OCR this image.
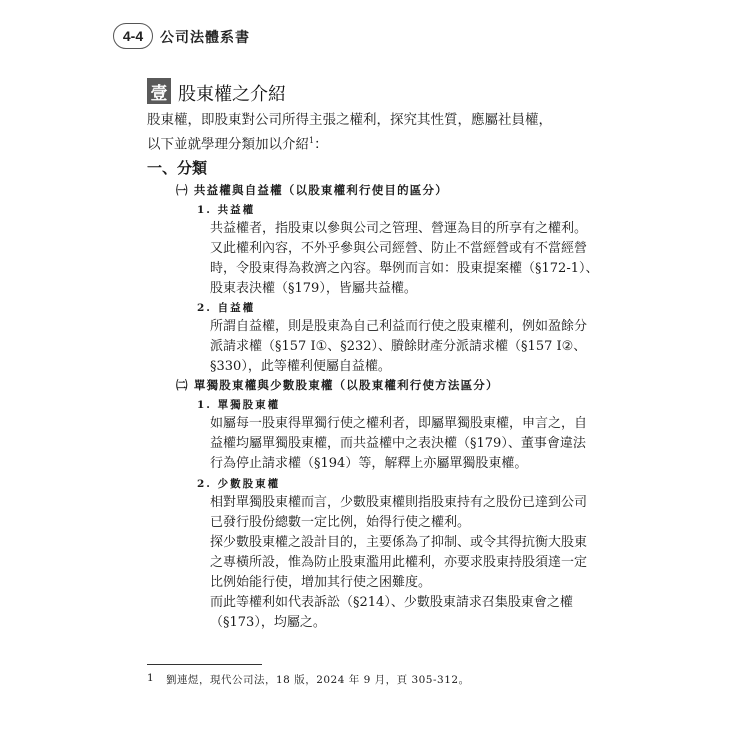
4-4 公司法體系書
壹 股東權之介紹
股東權，即股東對公司所得主張之權利，探究其性質，應屬社員權，
以下並就學理分類加以介紹$^1$：
一、分類
㈠ 共益權與自益權（以股東權利行使目的區分）
1. 共益權
共益權者，指股東以參與公司之管理、營運為目的所享有之權利。
又此權利內容，不外乎參與公司經營、防止不當經營或有不當經營
時，令股東得為救濟之內容。舉例而言如：股東提案權（§172-1）、
股東表決權（§179），皆屬共益權。
2. 自益權
所謂自益權，則是股東為自己利益而行使之股東權利，例如盈餘分
派請求權（§157 Ⅰ①、§232）、賸餘財產分派請求權（§157 Ⅰ②、
§330），此等權利便屬自益權。
㈡ 單獨股東權與少數股東權（以股東權利行使方法區分）
1. 單獨股東權
如屬每一股東得單獨行使之權利者，即屬單獨股東權，申言之，自
益權均屬單獨股東權，而共益權中之表決權（§179）、董事會違法
行為停止請求權（§194）等，解釋上亦屬單獨股東權。
2. 少數股東權
相對單獨股東權而言，少數股東權則指股東持有之股份已達到公司
已發行股份總數一定比例，始得行使之權利。
探少數股東權之設計目的，主要係為了抑制、或令其得抗衡大股東
之專橫所設，惟為防止股東濫用此權利，亦要求股東持股須達一定
比例始能行使，增加其行使之困難度。
而此等權利如代表訴訟（§214）、少數股東請求召集股東會之權
（§173），均屬之。
1 劉連煜，現代公司法，18 版，2024 年 9 月，頁 305-312。
